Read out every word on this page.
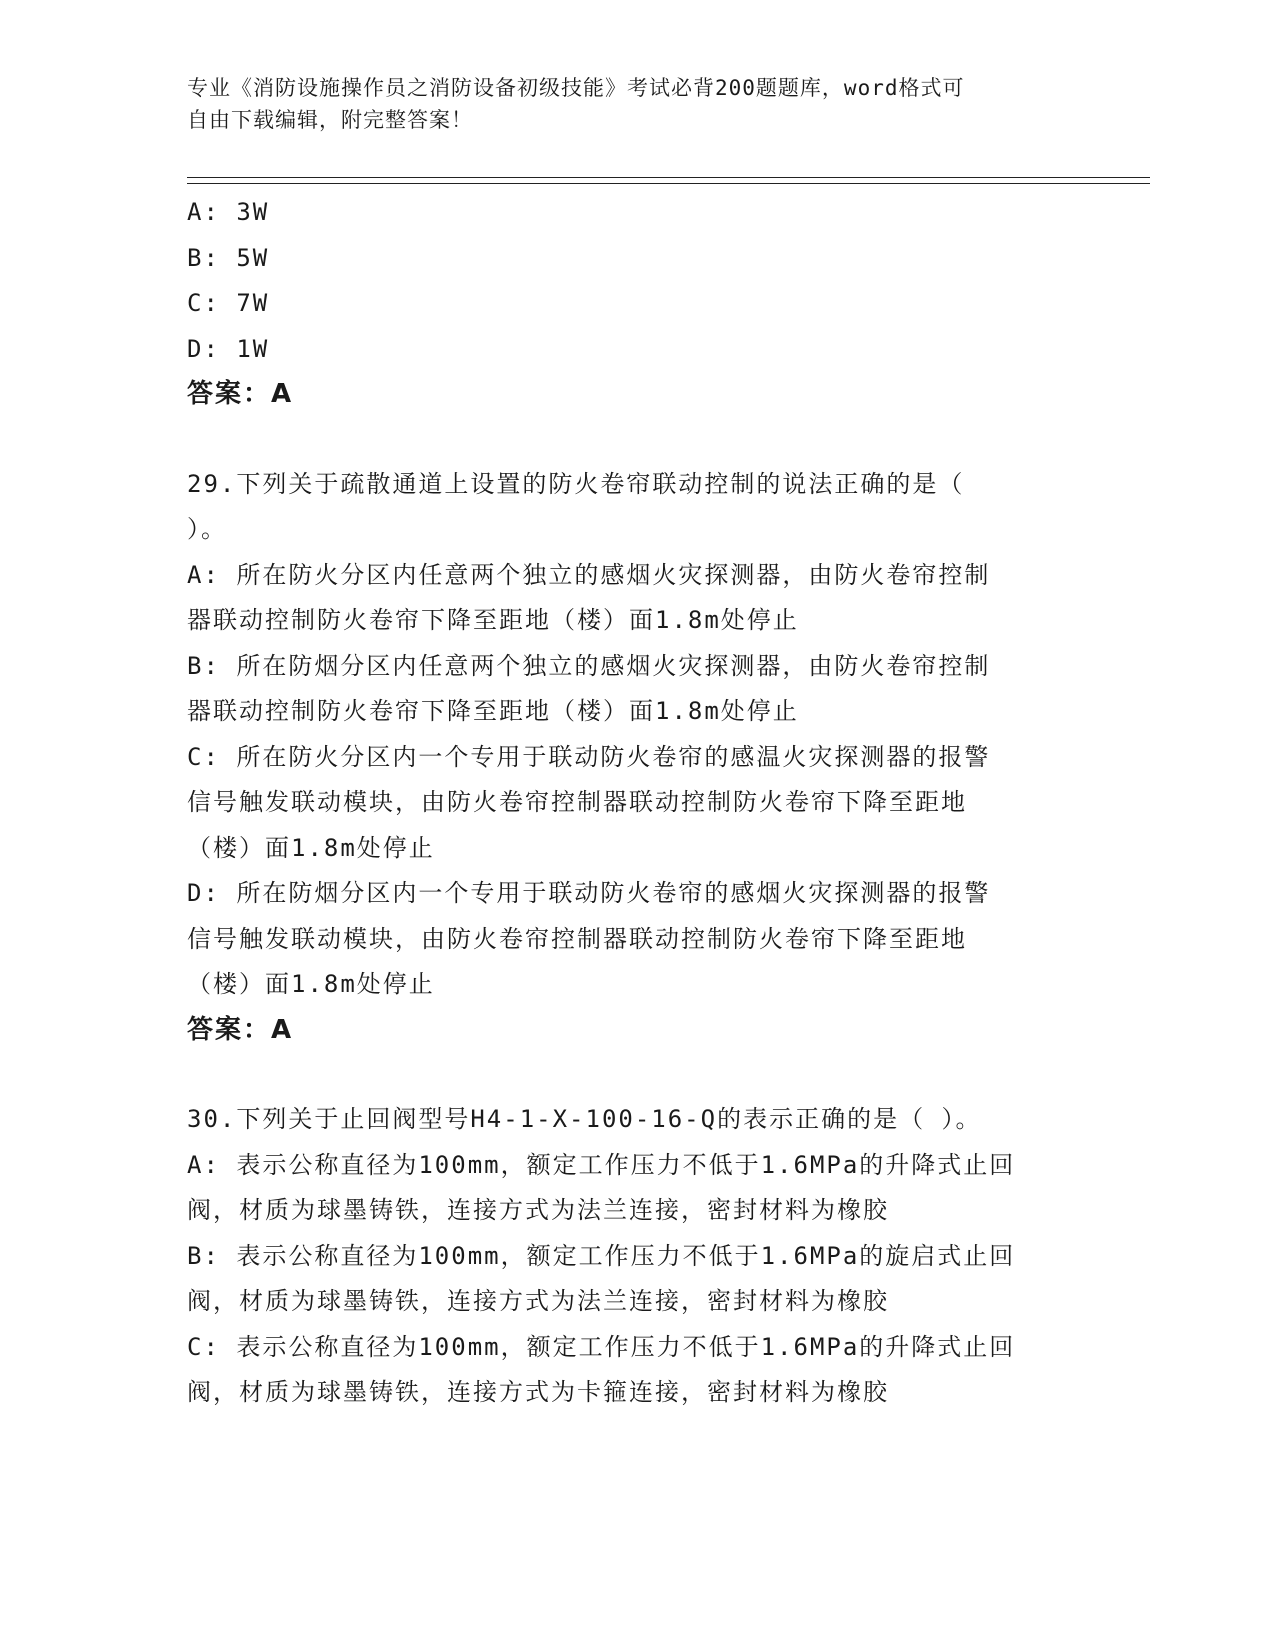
专业《消防设施操作员之消防设备初级技能》考试必背200题题库，word格式可
自由下载编辑，附完整答案！
A: 3W
B: 5W
C: 7W
D: 1W
答案：A
29.下列关于疏散通道上设置的防火卷帘联动控制的说法正确的是（
）。
A: 所在防火分区内任意两个独立的感烟火灾探测器，由防火卷帘控制
器联动控制防火卷帘下降至距地（楼）面1.8m处停止
B: 所在防烟分区内任意两个独立的感烟火灾探测器，由防火卷帘控制
器联动控制防火卷帘下降至距地（楼）面1.8m处停止
C: 所在防火分区内一个专用于联动防火卷帘的感温火灾探测器的报警
信号触发联动模块，由防火卷帘控制器联动控制防火卷帘下降至距地
（楼）面1.8m处停止
D: 所在防烟分区内一个专用于联动防火卷帘的感烟火灾探测器的报警
信号触发联动模块，由防火卷帘控制器联动控制防火卷帘下降至距地
（楼）面1.8m处停止
答案：A
30.下列关于止回阀型号H4-1-X-100-16-Q的表示正确的是（ ）。
A: 表示公称直径为100mm，额定工作压力不低于1.6MPa的升降式止回
阀，材质为球墨铸铁，连接方式为法兰连接，密封材料为橡胶
B: 表示公称直径为100mm，额定工作压力不低于1.6MPa的旋启式止回
阀，材质为球墨铸铁，连接方式为法兰连接，密封材料为橡胶
C: 表示公称直径为100mm，额定工作压力不低于1.6MPa的升降式止回
阀，材质为球墨铸铁，连接方式为卡箍连接，密封材料为橡胶
